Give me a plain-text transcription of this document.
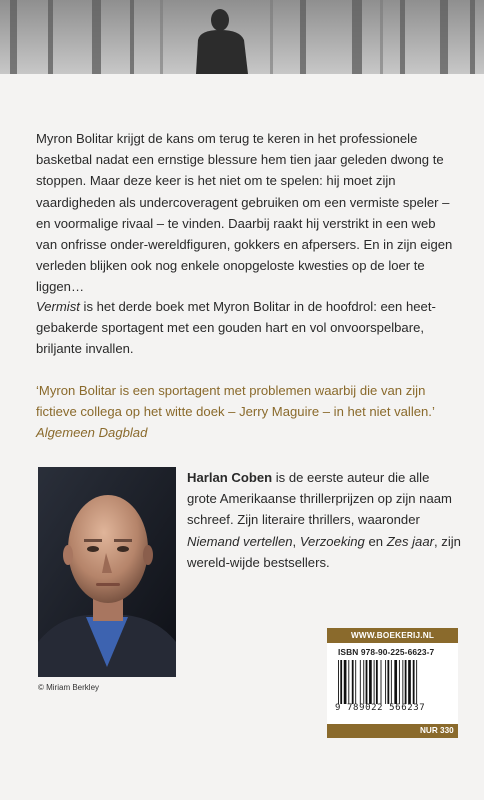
Myron Bolitar krijgt de kans om terug te keren in het professionele basketbal nadat een ernstige blessure hem tien jaar geleden dwong te stoppen. Maar deze keer is het niet om te spelen: hij moet zijn vaardigheden als undercoveragent gebruiken om een vermiste speler – en voormalige rivaal – te vinden. Daarbij raakt hij verstrikt in een web van onfrisse onder-wereldfiguren, gokkers en afpersers. En in zijn eigen verleden blijken ook nog enkele onopgeloste kwesties op de loer te liggen…
Vermist is het derde boek met Myron Bolitar in de hoofdrol: een heet-gebakerde sportagent met een gouden hart en vol onvoorspelbare, briljante invallen.
‘Myron Bolitar is een sportagent met problemen waarbij die van zijn fictieve collega op het witte doek – Jerry Maguire – in het niet vallen.’
Algemeen Dagblad
© Miriam Berkley
Harlan Coben is de eerste auteur die alle grote Amerikaanse thrillerprijzen op zijn naam schreef. Zijn literaire thrillers, waaronder Niemand vertellen, Verzoeking en Zes jaar, zijn wereld-wijde bestsellers.
WWW.BOEKERIJ.NL
ISBN 978-90-225-6623-7
9 789022 566237
NUR 330
